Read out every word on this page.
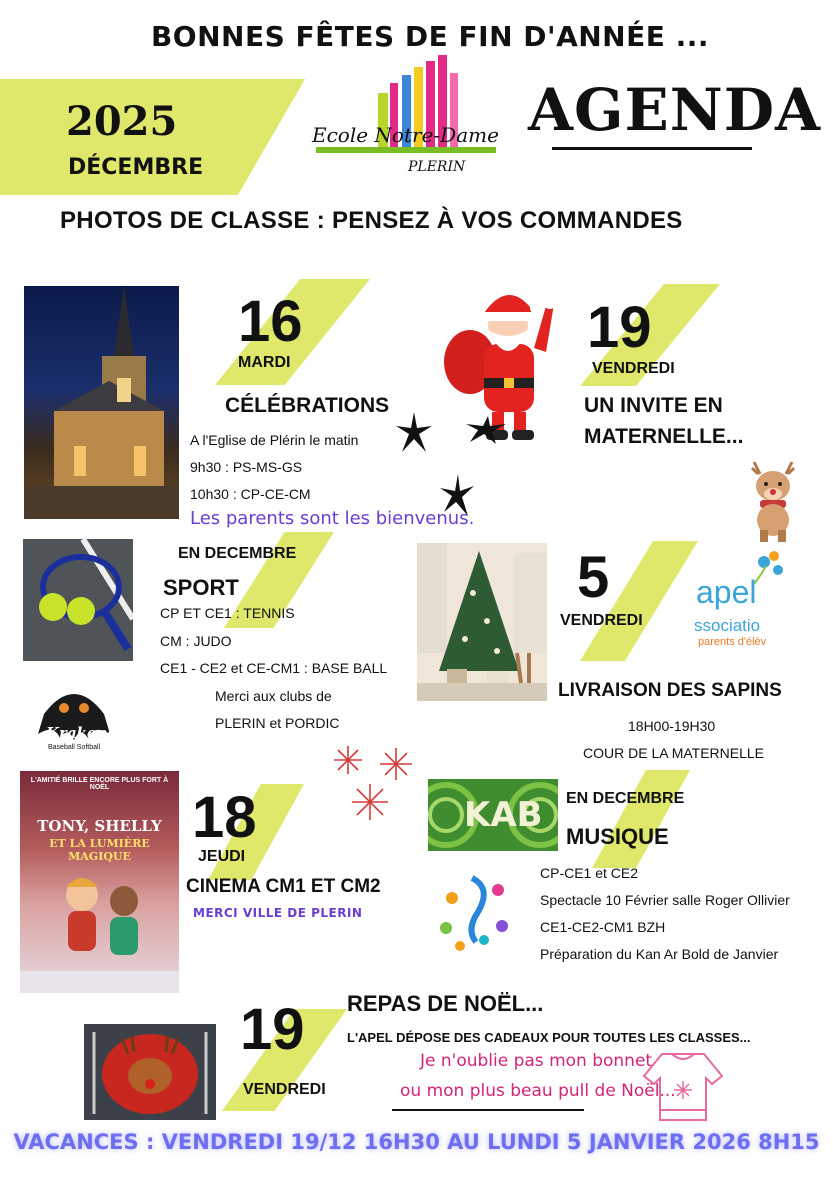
BONNES FÊTES DE FIN D'ANNÉE ...
2025
DÉCEMBRE
Ecole Notre-Dame
PLERIN
AGENDA
PHOTOS DE CLASSE : PENSEZ À VOS COMMANDES
16
MARDI
CÉLÉBRATIONS
A l'Eglise de Plérin le matin
9h30 : PS-MS-GS
10h30 : CP-CE-CM
Les parents sont les bienvenus.
19
VENDREDI
UN INVITE EN
MATERNELLE...
EN DECEMBRE
SPORT
CP ET CE1 : TENNIS
CM : JUDO
CE1 - CE2 et CE-CM1 : BASE BALL
Merci aux clubs de
PLERIN et PORDIC
Krakens
Baseball Softball
5
VENDREDI
apel
ssociatio
parents d'élèv
LIVRAISON DES SAPINS
18H00-19H30
COUR DE LA MATERNELLE
L'AMITIÉ BRILLE ENCORE PLUS FORT À NOËL
TONY, SHELLY
ET LA LUMIÈRE MAGIQUE
18
JEUDI
CINEMA CM1 ET CM2
MERCI VILLE DE PLERIN
KAB EN DECEMBRE
MUSIQUE
CP-CE1 et CE2
Spectacle 10 Février salle Roger Ollivier
CE1-CE2-CM1 BZH
Préparation du Kan Ar Bold de Janvier
REPAS DE NOËL...
19
VENDREDI
L'APEL DÉPOSE DES CADEAUX POUR TOUTES LES CLASSES...
Je n'oublie pas mon bonnet
ou mon plus beau pull de Noël...
VACANCES : VENDREDI 19/12 16H30 AU LUNDI 5 JANVIER 2026 8H15
